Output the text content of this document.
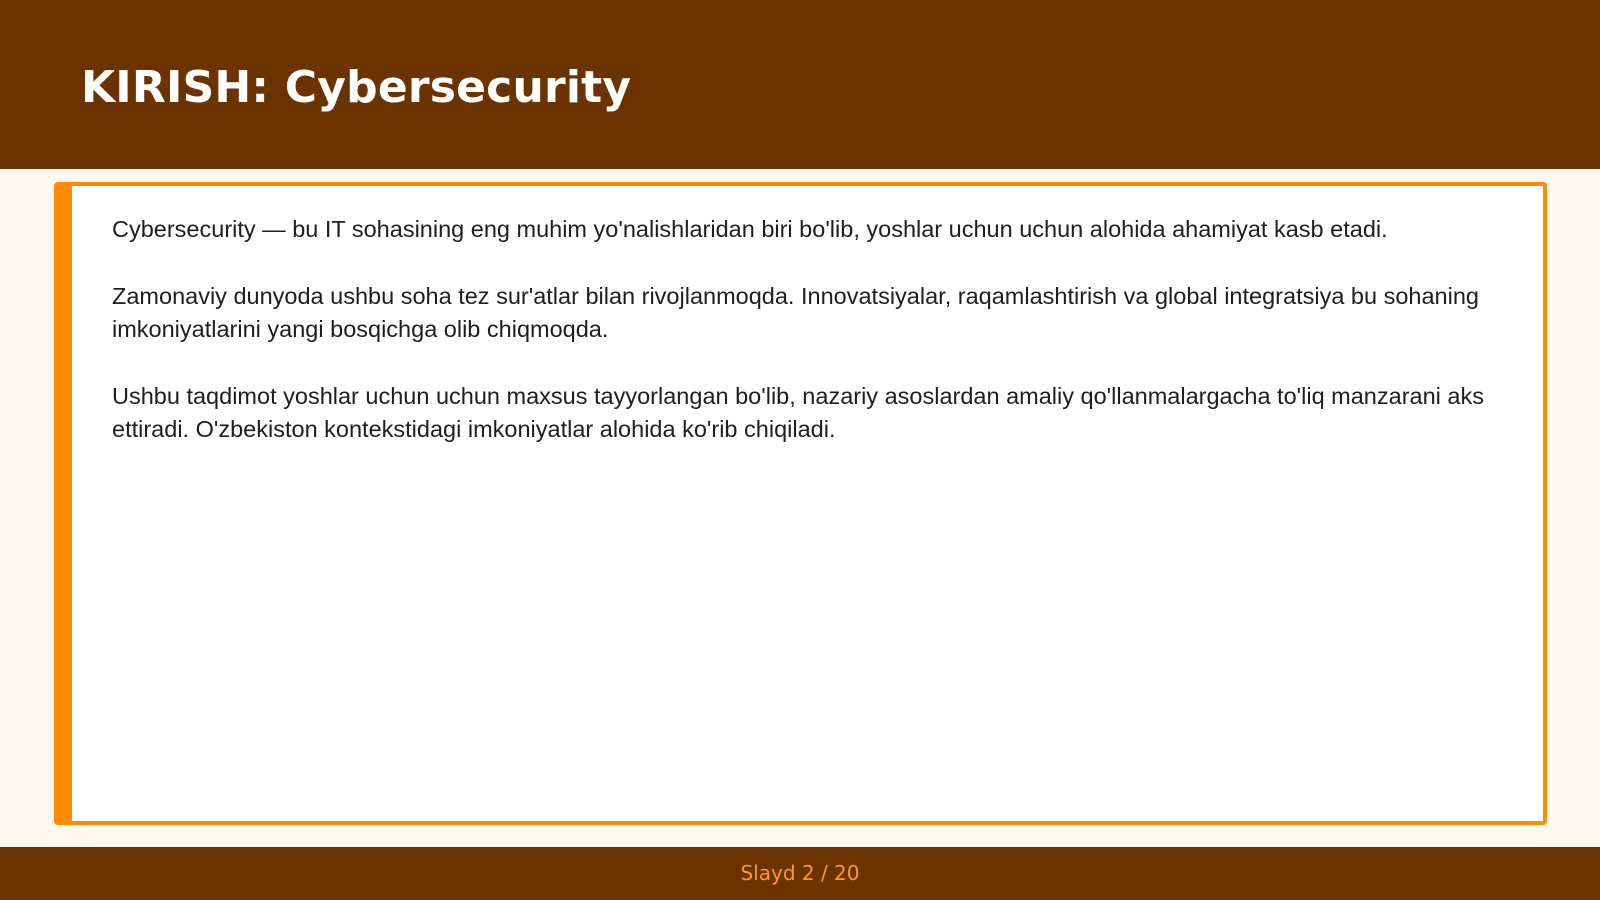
KIRISH: Cybersecurity

Cybersecurity — bu IT sohasining eng muhim yo'nalishlaridan biri bo'lib, yoshlar uchun uchun alohida ahamiyat kasb etadi.

Zamonaviy dunyoda ushbu soha tez sur'atlar bilan rivojlanmoqda. Innovatsiyalar, raqamlashtirish va global integratsiya bu sohaning imkoniyatlarini yangi bosqichga olib chiqmoqda.

Ushbu taqdimot yoshlar uchun uchun maxsus tayyorlangan bo'lib, nazariy asoslardan amaliy qo'llanmalargacha to'liq manzarani aks ettiradi. O'zbekiston kontekstidagi imkoniyatlar alohida ko'rib chiqiladi.

Slayd 2 / 20
